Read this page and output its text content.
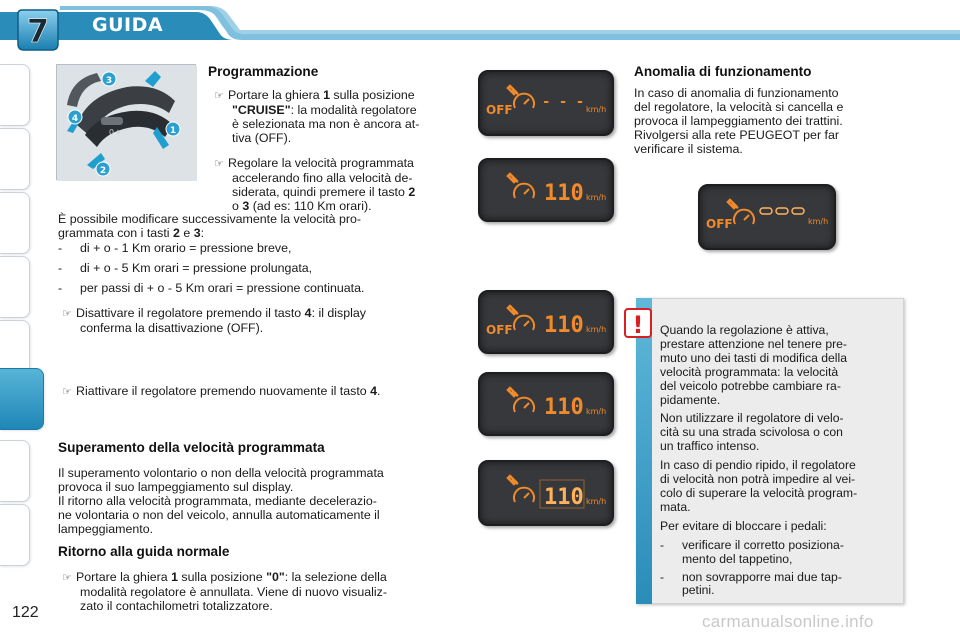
7 GUIDA
0 ⏵	1
2
3
4
Programmazione
☞ Portare la ghiera 1 sulla posizione
"CRUISE": la modalità regolatore
è selezionata ma non è ancora at-
tiva (OFF).
☞ Regolare la velocità programmata
accelerando fino alla velocità de-
siderata, quindi premere il tasto 2
o 3 (ad es: 110 Km orari).
È possibile modificare successivamente la velocità pro-
grammata con i tasti 2 e 3:
- di + o - 1 Km orario = pressione breve,
- di + o - 5 Km orari = pressione prolungata,
- per passi di + o - 5 Km orari = pressione continuata.
☞ Disattivare il regolatore premendo il tasto 4: il display
conferma la disattivazione (OFF).
☞ Riattivare il regolatore premendo nuovamente il tasto 4.
Superamento della velocità programmata
Il superamento volontario o non della velocità programmata
provoca il suo lampeggiamento sul display.
Il ritorno alla velocità programmata, mediante decelerazio-
ne volontaria o non del veicolo, annulla automaticamente il
lampeggiamento.
Ritorno alla guida normale
☞ Portare la ghiera 1 sulla posizione "0": la selezione della
modalità regolatore è annullata. Viene di nuovo visualiz-
zato il contachilometri totalizzatore.
OFF - - - km/h
110 km/h
OFF 110 km/h
110 km/h
110 km/h
Anomalia di funzionamento
In caso di anomalia di funzionamento
del regolatore, la velocità si cancella e
provoca il lampeggiamento dei trattini.
Rivolgersi alla rete PEUGEOT per far
verificare il sistema.
OFF	km/h
! Quando la regolazione è attiva,
prestare attenzione nel tenere pre-
muto uno dei tasti di modifica della
velocità programmata: la velocità
del veicolo potrebbe cambiare ra-
pidamente.

Non utilizzare il regolatore di velo-
cità su una strada scivolosa o con
un traffico intenso.

In caso di pendio ripido, il regolatore
di velocità non potrà impedire al vei-
colo di superare la velocità program-
mata.

Per evitare di bloccare i pedali:

- verificare il corretto posiziona-
mento del tappetino,
- non sovrapporre mai due tap-
petini.
122	carmanualsonline.info
